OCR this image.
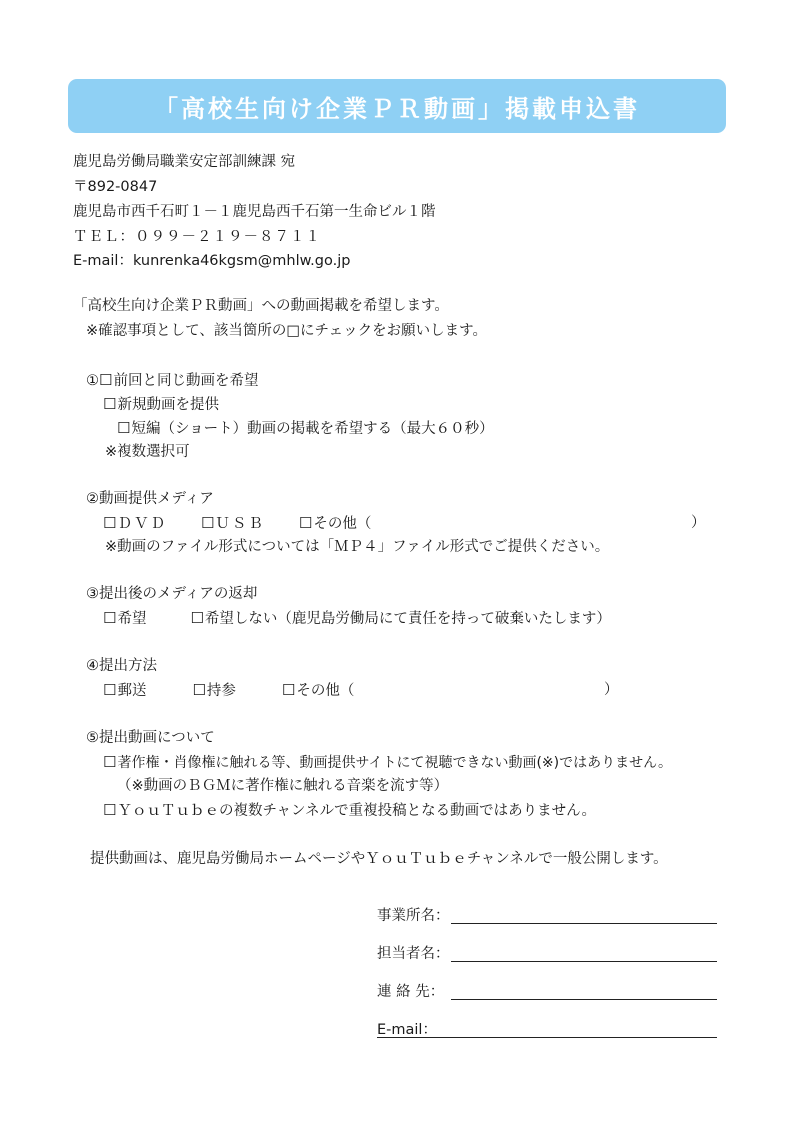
「高校生向け企業ＰＲ動画」掲載申込書
鹿児島労働局職業安定部訓練課 宛
〒892-0847
鹿児島市西千石町１－１鹿児島西千石第一生命ビル１階
ＴＥＬ：０９９－２１９－８７１１
E-mail：kunrenka46kgsm@mhlw.go.jp
「高校生向け企業ＰＲ動画」への動画掲載を希望します。
※確認事項として、該当箇所の□にチェックをお願いします。
①☐前回と同じ動画を希望
☐新規動画を提供
☐短編（ショート）動画の掲載を希望する（最大６０秒）
※複数選択可
②動画提供メディア
☐ＤＶＤ ☐ＵＳＢ ☐その他（	）
※動画のファイル形式については「ＭＰ４」ファイル形式でご提供ください。
③提出後のメディアの返却
☐希望	☐希望しない（鹿児島労働局にて責任を持って破棄いたします）
④提出方法
☐郵送	☐持参	☐その他（	）
⑤提出動画について
☐著作権・肖像権に触れる等、動画提供サイトにて視聴できない動画(※)ではありません。
（※動画のＢＧＭに著作権に触れる音楽を流す等）
☐ＹｏｕＴｕｂｅの複数チャンネルで重複投稿となる動画ではありません。
提供動画は、鹿児島労働局ホームページやＹｏｕＴｕｂｅチャンネルで一般公開します。
事業所名：
担当者名：
連 絡 先：
E-mail：
